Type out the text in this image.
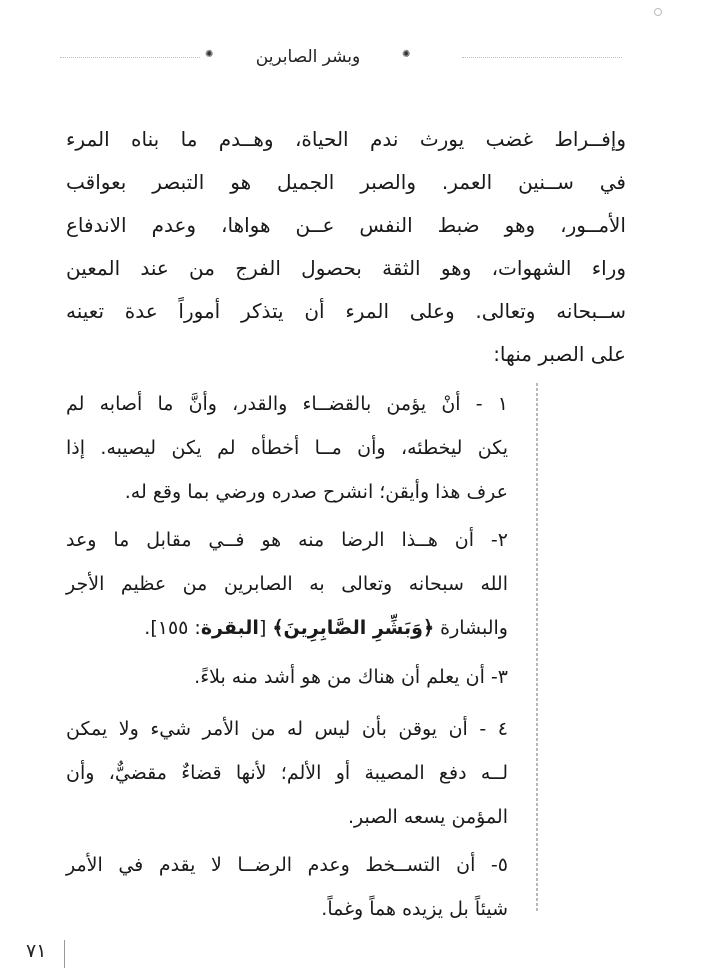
✺	وبشر الصابرين	✺
وإفــراط غضب يورث ندم الحياة، وهــدم ما بناه المرء
في ســنين العمر. والصبر الجميل هو التبصر بعواقب
الأمــور، وهو ضبط النفس عــن هواها، وعدم الاندفاع
وراء الشهوات، وهو الثقة بحصول الفرج من عند المعين
ســبحانه وتعالى. وعلى المرء أن يتذكر أموراً عدة تعينه
على الصبر منها:
١ - أنْ يؤمن بالقضــاء والقدر، وأنَّ ما أصابه لم
يكن ليخطئه، وأن مــا أخطأه لم يكن ليصيبه. إذا
عرف هذا وأيقن؛ انشرح صدره ورضي بما وقع له.
٢- أن هــذا الرضا منه هو فــي مقابل ما وعد
الله سبحانه وتعالى به الصابرين من عظيم الأجر
والبشارة ﴿وَبَشِّرِ الصَّابِرِينَ﴾ [البقرة: ١٥٥].
٣- أن يعلم أن هناك من هو أشد منه بلاءً.
٤ - أن يوقن بأن ليس له من الأمر شيء ولا يمكن
لــه دفع المصيبة أو الألم؛ لأنها قضاءٌ مقضيٌّ، وأن
المؤمن يسعه الصبر.
٥- أن التســخط وعدم الرضــا لا يقدم في الأمر
شيئاً بل يزيده هماً وغماً.
٧١
